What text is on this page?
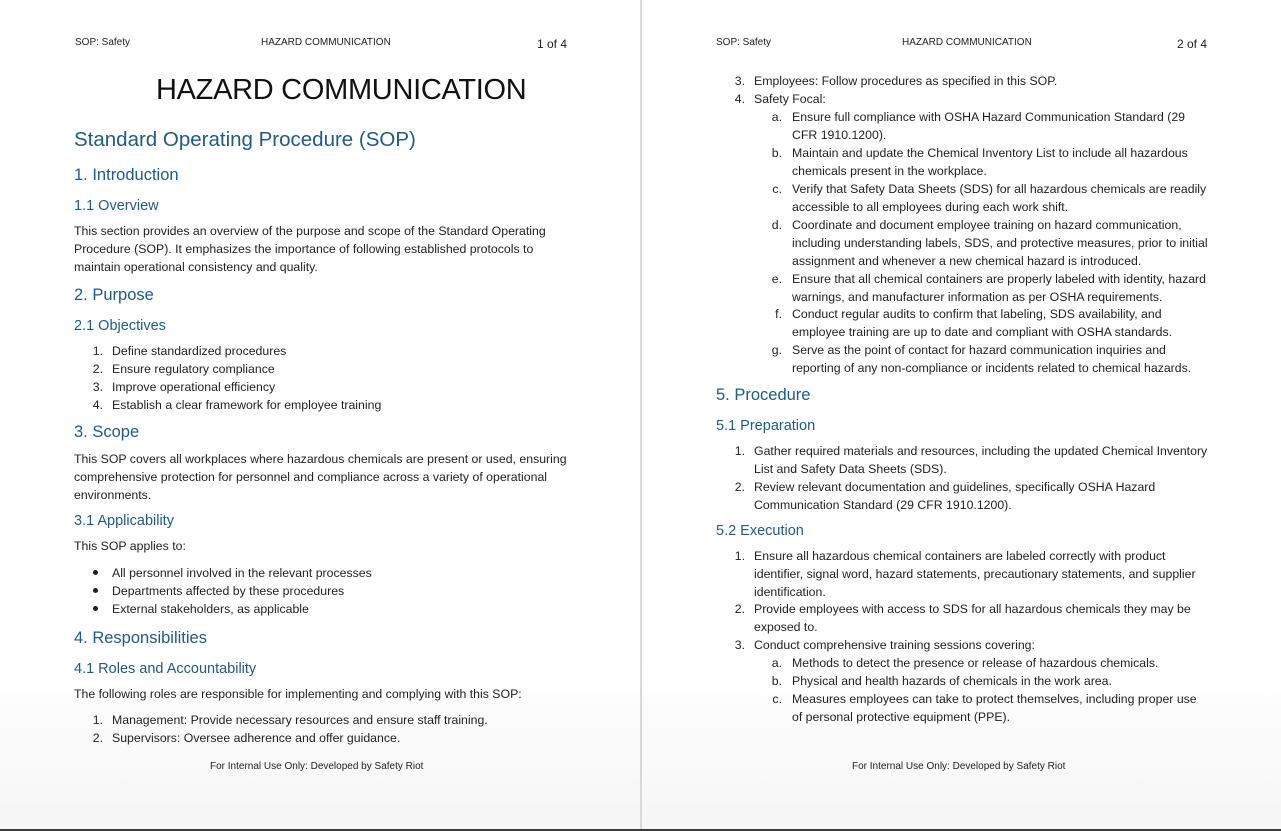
SOP: Safety	HAZARD COMMUNICATION	1 of 4
HAZARD COMMUNICATION
Standard Operating Procedure (SOP)
1. Introduction
1.1 Overview
This section provides an overview of the purpose and scope of the Standard Operating
Procedure (SOP). It emphasizes the importance of following established protocols to
maintain operational consistency and quality.
2. Purpose
2.1 Objectives
1. Define standardized procedures
2. Ensure regulatory compliance
3. Improve operational efficiency
4. Establish a clear framework for employee training
3. Scope
This SOP covers all workplaces where hazardous chemicals are present or used, ensuring
comprehensive protection for personnel and compliance across a variety of operational
environments.
3.1 Applicability
This SOP applies to:
All personnel involved in the relevant processes
Departments affected by these procedures
External stakeholders, as applicable
4. Responsibilities
4.1 Roles and Accountability
The following roles are responsible for implementing and complying with this SOP:
1. Management: Provide necessary resources and ensure staff training.
2. Supervisors: Oversee adherence and offer guidance.
For Internal Use Only: Developed by Safety Riot
SOP: Safety	HAZARD COMMUNICATION	2 of 4
3. Employees: Follow procedures as specified in this SOP.
4. Safety Focal:
a. Ensure full compliance with OSHA Hazard Communication Standard (29
CFR 1910.1200).
b. Maintain and update the Chemical Inventory List to include all hazardous
chemicals present in the workplace.
c. Verify that Safety Data Sheets (SDS) for all hazardous chemicals are readily
accessible to all employees during each work shift.
d. Coordinate and document employee training on hazard communication,
including understanding labels, SDS, and protective measures, prior to initial
assignment and whenever a new chemical hazard is introduced.
e. Ensure that all chemical containers are properly labeled with identity, hazard
warnings, and manufacturer information as per OSHA requirements.
f. Conduct regular audits to confirm that labeling, SDS availability, and
employee training are up to date and compliant with OSHA standards.
g. Serve as the point of contact for hazard communication inquiries and
reporting of any non-compliance or incidents related to chemical hazards.
5. Procedure
5.1 Preparation
1. Gather required materials and resources, including the updated Chemical Inventory
List and Safety Data Sheets (SDS).
2. Review relevant documentation and guidelines, specifically OSHA Hazard
Communication Standard (29 CFR 1910.1200).
5.2 Execution
1. Ensure all hazardous chemical containers are labeled correctly with product
identifier, signal word, hazard statements, precautionary statements, and supplier
identification.
2. Provide employees with access to SDS for all hazardous chemicals they may be
exposed to.
3. Conduct comprehensive training sessions covering:
a. Methods to detect the presence or release of hazardous chemicals.
b. Physical and health hazards of chemicals in the work area.
c. Measures employees can take to protect themselves, including proper use
of personal protective equipment (PPE).
For Internal Use Only: Developed by Safety Riot
